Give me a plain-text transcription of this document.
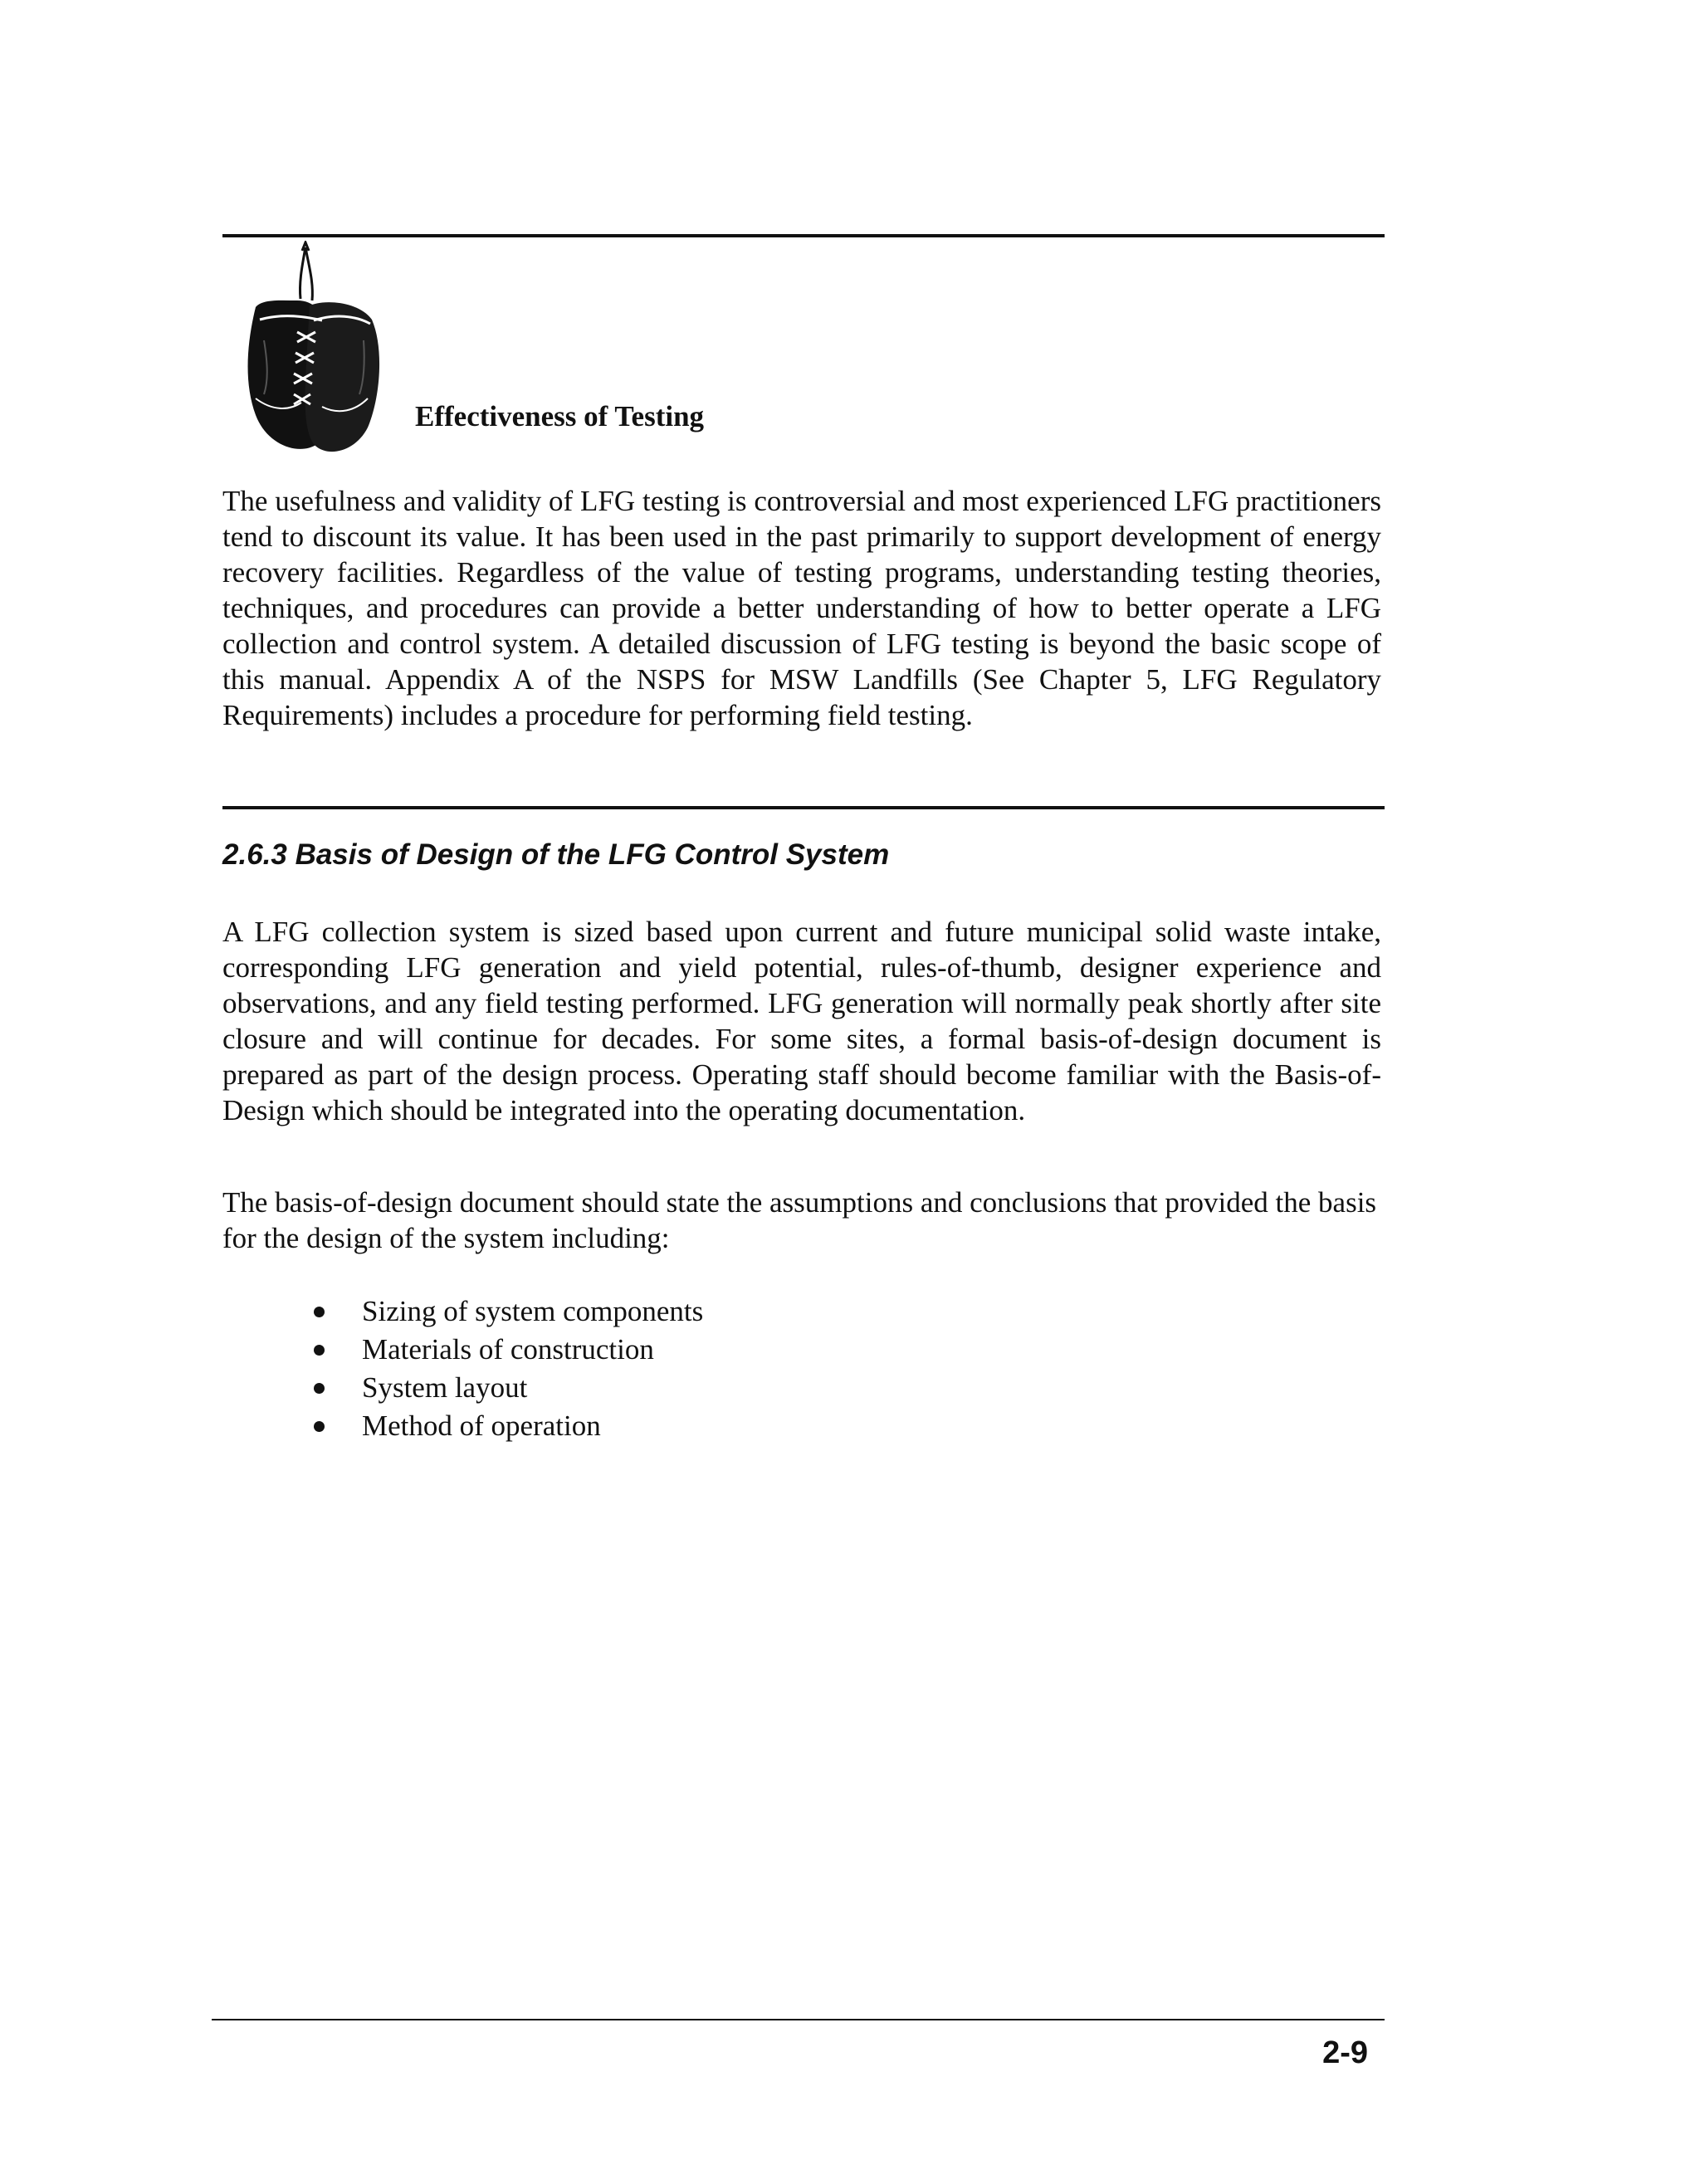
Effectiveness of Testing

The usefulness and validity of LFG testing is controversial and most experienced LFG practitioners tend to discount its value. It has been used in the past primarily to support development of energy recovery facilities. Regardless of the value of testing programs, understanding testing theories, techniques, and procedures can provide a better understanding of how to better operate a LFG collection and control system. A detailed discussion of LFG testing is beyond the basic scope of this manual. Appendix A of the NSPS for MSW Landfills (See Chapter 5, LFG Regulatory Requirements) includes a procedure for performing field testing.

2.6.3 Basis of Design of the LFG Control System

A LFG collection system is sized based upon current and future municipal solid waste intake, corresponding LFG generation and yield potential, rules-of-thumb, designer experience and observations, and any field testing performed. LFG generation will normally peak shortly after site closure and will continue for decades. For some sites, a formal basis-of-design document is prepared as part of the design process. Operating staff should become familiar with the Basis-of-Design which should be integrated into the operating documentation.

The basis-of-design document should state the assumptions and conclusions that provided the basis for the design of the system including:

Sizing of system components
Materials of construction
System layout
Method of operation
2-9
